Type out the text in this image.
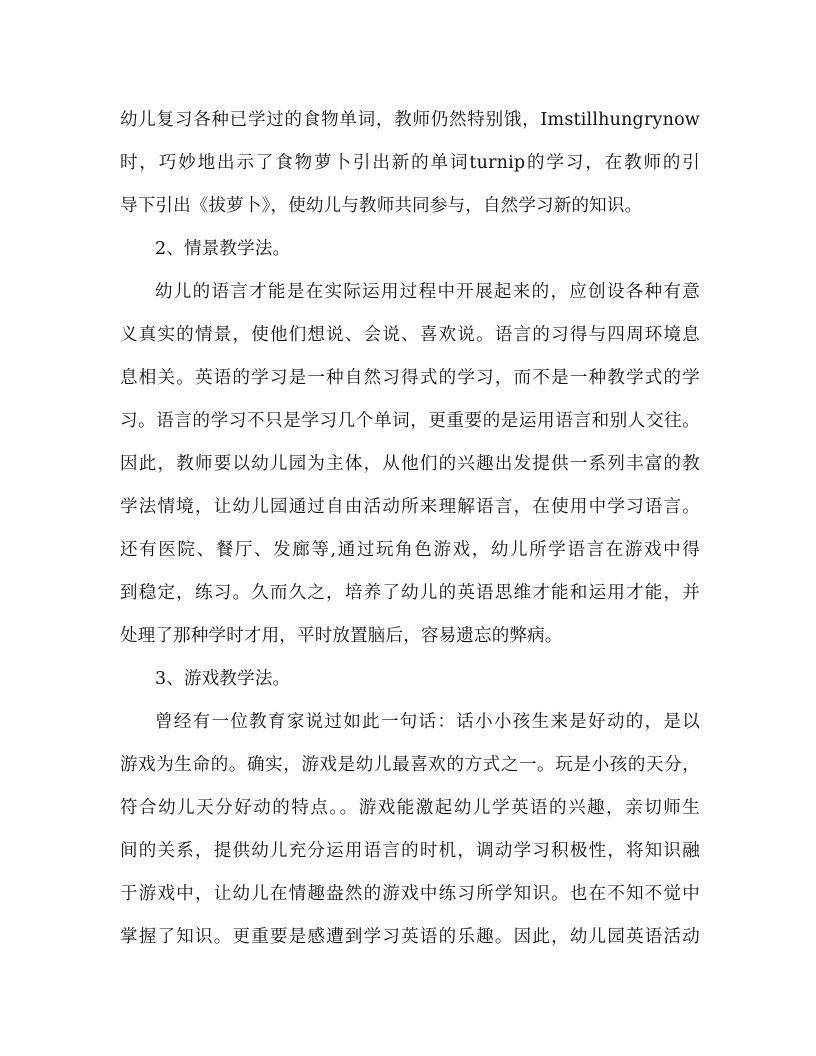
幼儿复习各种已学过的食物单词，教师仍然特别饿，Imstillhungrynow
时，巧妙地出示了食物萝卜引出新的单词turnip的学习，在教师的引
导下引出《拔萝卜》，使幼儿与教师共同参与，自然学习新的知识。
2、情景教学法。
幼儿的语言才能是在实际运用过程中开展起来的，应创设各种有意
义真实的情景，使他们想说、会说、喜欢说。语言的习得与四周环境息
息相关。英语的学习是一种自然习得式的学习，而不是一种教学式的学
习。语言的学习不只是学习几个单词，更重要的是运用语言和别人交往。
因此，教师要以幼儿园为主体，从他们的兴趣出发提供一系列丰富的教
学法情境，让幼儿园通过自由活动所来理解语言，在使用中学习语言。
还有医院、餐厅、发廊等,通过玩角色游戏，幼儿所学语言在游戏中得
到稳定，练习。久而久之，培养了幼儿的英语思维才能和运用才能，并
处理了那种学时才用，平时放置脑后，容易遗忘的弊病。
3、游戏教学法。
曾经有一位教育家说过如此一句话：话小小孩生来是好动的，是以
游戏为生命的。确实，游戏是幼儿最喜欢的方式之一。玩是小孩的天分，
符合幼儿天分好动的特点。。游戏能激起幼儿学英语的兴趣，亲切师生
间的关系，提供幼儿充分运用语言的时机，调动学习积极性，将知识融
于游戏中，让幼儿在情趣盎然的游戏中练习所学知识。也在不知不觉中
掌握了知识。更重要是感遭到学习英语的乐趣。因此，幼儿园英语活动
